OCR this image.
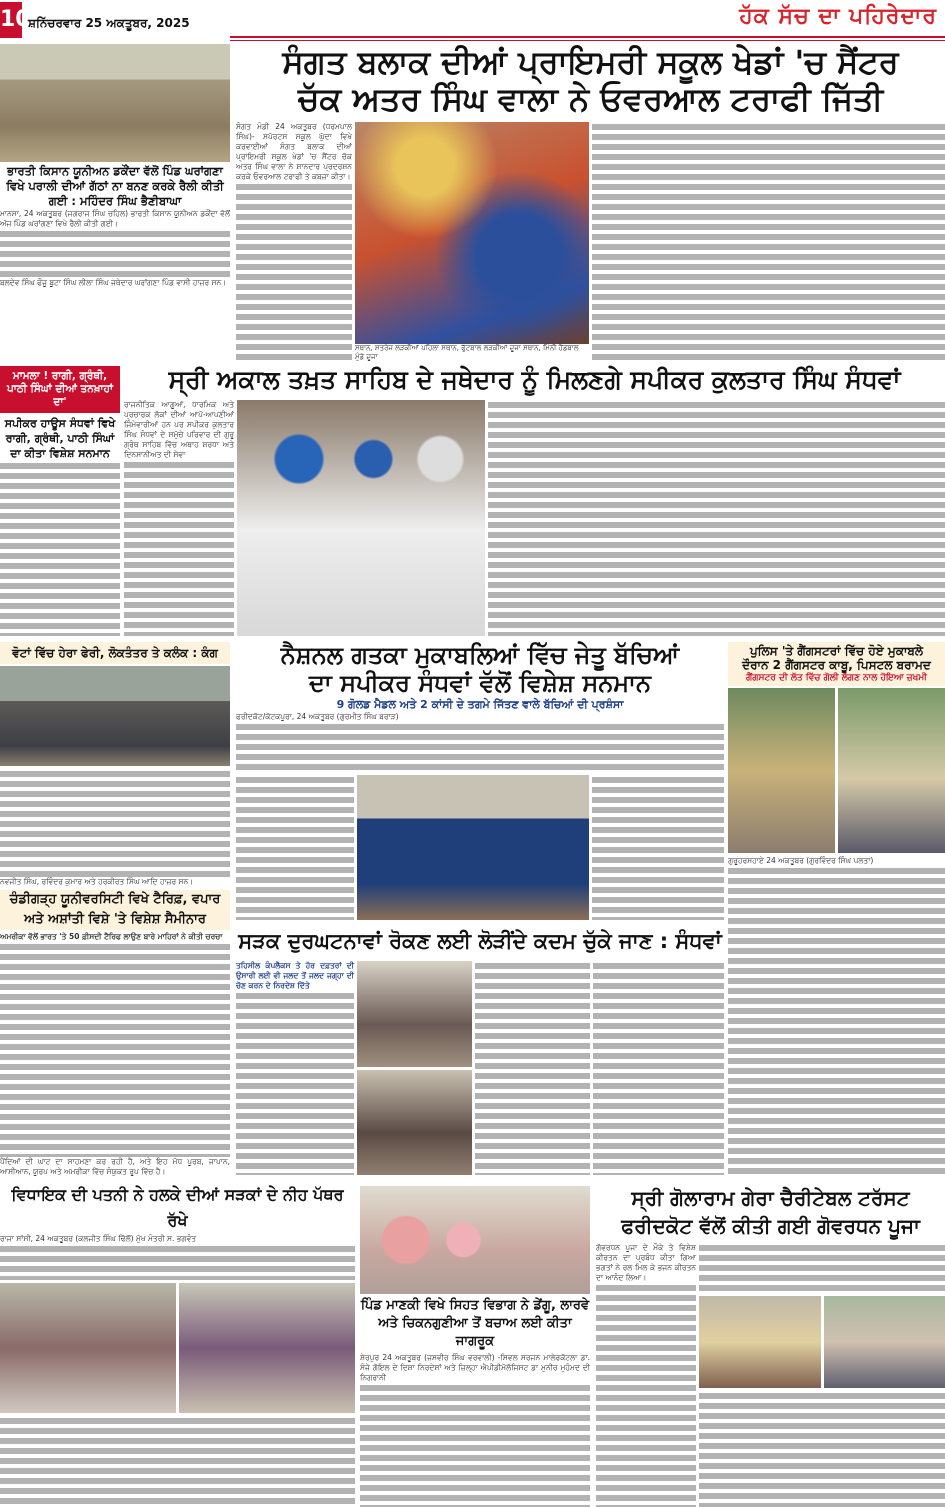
10
ਸ਼ਨਿੱਚਰਵਾਰ 25 ਅਕਤੂਬਰ, 2025	ਹੱਕ ਸੱਚ ਦਾ ਪਹਿਰੇਦਾਰ
ਸੰਗਤ ਬਲਾਕ ਦੀਆਂ ਪ੍ਰਾਇਮਰੀ ਸਕੂਲ ਖੇਡਾਂ 'ਚ ਸੈਂਟਰ
ਚੱਕ ਅਤਰ ਸਿੰਘ ਵਾਲਾ ਨੇ ਓਵਰਆਲ ਟਰਾਫੀ ਜਿੱਤੀ
ਸੰਗਤ ਮੰਡੀ 24 ਅਕਤੂਬਰ (ਧਰਮਪਾਲ ਸਿੰਘ)- ਸਪੋਰਟਸ ਸਕੂਲ ਘੁੱਦਾ ਵਿਖੇ ਕਰਵਾਈਆਂ ਸੰਗਤ ਬਲਾਕ ਦੀਆਂ ਪ੍ਰਾਇਮਰੀ ਸਕੂਲ ਖੇਡਾਂ 'ਚ ਸੈਂਟਰ ਚੱਕ ਅਤਰ ਸਿੰਘ ਵਾਲਾ ਨੇ ਸ਼ਾਨਦਾਰ ਪ੍ਰਦਰਸ਼ਨ ਕਰਕੇ ਓਵਰਆਲ ਟਰਾਫੀ ਤੇ ਕਬਜ਼ਾ ਕੀਤਾ।
ਸਥਾਨ, ਸ਼ਤਰੰਜ ਲੜਕੀਆਂ ਪਹਿਲਾ ਸਥਾਨ, ਫੁੱਟਬਾਲ ਲੜਕੀਆਂ ਦੂਜਾ ਸਥਾਨ, ਮਿੰਨੀ ਹੈਂਡਬਾਲ ਮੁੰਡੇ ਦੂਜਾ
ਭਾਰਤੀ ਕਿਸਾਨ ਯੂਨੀਅਨ ਡਕੌਂਦਾ ਵੱਲੋਂ ਪਿੰਡ ਘਰਾਂਗਣਾ ਵਿਖੇ ਪਰਾਲੀ ਦੀਆਂ ਗੱਠਾਂ ਨਾ ਬਨਣ ਕਰਕੇ ਰੈਲੀ ਕੀਤੀ ਗਈ : ਮਹਿੰਦਰ ਸਿੰਘ ਭੈਣੀਬਾਘਾ
ਮਾਨਸਾ, 24 ਅਕਤੂਬਰ (ਜਗਰਾਜ ਸਿੰਘ ਚਹਿਲ) ਭਾਰਤੀ ਕਿਸਾਨ ਯੂਨੀਅਨ ਡਕੌਂਦਾ ਵੱਲੋਂ ਅੱਜ ਪਿੰਡ ਘਰਾਂਗਣਾ ਵਿਖੇ ਰੈਲੀ ਕੀਤੀ ਗਈ।
ਬਲਦੇਵ ਸਿੰਘ ਫੌਜੂ ਬੂਟਾ ਸਿੰਘ ਲੀਲਾ ਸਿੰਘ ਜਥੇਦਾਰ ਘਰਾਂਗਣਾ ਪਿੰਡ ਵਾਸੀ ਹਾਜ਼ਰ ਸਨ।
ਮਾਮਲਾ ! ਰਾਗੀ, ਗ੍ਰੰਥੀ, ਪਾਠੀ ਸਿੰਘਾਂ ਦੀਆਂ ਤਨਖ਼ਾਹਾਂ ਦਾ'
ਸਪੀਕਰ ਹਾਊਸ ਸੰਧਵਾਂ ਵਿਖੇ ਰਾਗੀ, ਗ੍ਰੰਥੀ, ਪਾਠੀ ਸਿੰਘਾਂ ਦਾ ਕੀਤਾ ਵਿਸ਼ੇਸ਼ ਸਨਮਾਨ
ਸ੍ਰੀ ਅਕਾਲ ਤਖ਼ਤ ਸਾਹਿਬ ਦੇ ਜਥੇਦਾਰ ਨੂੰ ਮਿਲਣਗੇ ਸਪੀਕਰ ਕੁਲਤਾਰ ਸਿੰਘ ਸੰਧਵਾਂ
ਰਾਜਨੀਤਿਕ ਆਗੂਆਂ, ਧਾਰਮਿਕ ਅਤੇ ਪ੍ਰਚਾਰਕ ਲੋਕਾਂ ਦੀਆਂ ਆਪੋ-ਆਪਣੀਆਂ ਜਿੰਮੇਵਾਰੀਆਂ ਹਨ ਪਰ ਸਪੀਕਰ ਕੁਲਤਾਰ ਸਿੰਘ ਸੰਧਵਾਂ ਦੇ ਸਮੁੱਚੇ ਪਰਿਵਾਰ ਦੀ ਗੁਰੂ ਗ੍ਰੰਥ ਸਾਹਿਬ ਵਿੱਚ ਅਥਾਹ ਸ਼ਰਧਾ ਅਤੇ ਦਿਨਸਾਨੀਅਤ ਦੀ ਸੇਵਾ
ਵੋਟਾਂ ਵਿੱਚ ਹੇਰਾ ਫੇਰੀ, ਲੋਕਤੰਤਰ ਤੇ ਕਲੰਕ : ਕੰਗ
ਨਵਜੀਤ ਸਿੰਘ, ਰਵਿੰਦਰ ਕੁਮਾਰ ਅਤੇ ਹਰਕੀਰਤ ਸਿੰਘ ਆਦਿ ਹਾਜ਼ਰ ਸਨ।
ਚੰਡੀਗੜ੍ਹ ਯੂਨੀਵਰਸਿਟੀ ਵਿਖੇ ਟੈਰਿਫ਼, ਵਪਾਰ ਅਤੇ ਅਸ਼ਾਂਤੀ ਵਿਸ਼ੇ 'ਤੇ ਵਿਸ਼ੇਸ਼ ਸੈਮੀਨਾਰ
ਅਮਰੀਕਾ ਵੱਲੋਂ ਭਾਰਤ 'ਤੇ 50 ਫ਼ੀਸਦੀ ਟੈਰਿਫ ਲਾਉਣ ਬਾਰੇ ਮਾਹਿਰਾਂ ਨੇ ਕੀਤੀ ਚਰਚਾ
ਪੈਂਦਿਆਂ ਦੀ ਘਾਟ ਦਾ ਸਾਹਮਣਾ ਕਰ ਰਹੀ ਹੈ, ਅਤੇ ਇਹ ਮੱਧ ਪੂਰਬ, ਜਾਪਾਨ, ਆਸੀਆਨ, ਯੂਰਪ ਅਤੇ ਅਮਰੀਕਾ ਵਿੱਚ ਸੰਯੁਕਤ ਰੂਪ ਵਿੱਚ ਹੈ।
ਨੈਸ਼ਨਲ ਗਤਕਾ ਮੁਕਾਬਲਿਆਂ ਵਿੱਚ ਜੇਤੂ ਬੱਚਿਆਂ
ਦਾ ਸਪੀਕਰ ਸੰਧਵਾਂ ਵੱਲੋਂ ਵਿਸ਼ੇਸ਼ ਸਨਮਾਨ
9 ਗੋਲਡ ਮੈਡਲ ਅਤੇ 2 ਕਾਂਸੀ ਦੇ ਤਗਮੇ ਜਿੱਤਣ ਵਾਲੇ ਬੱਚਿਆਂ ਦੀ ਪ੍ਰਸ਼ੰਸਾ
ਫਰੀਦਕੋਟ/ਕੋਟਕਪੂਰਾ, 24 ਅਕਤੂਬਰ (ਗੁਰਮੀਤ ਸਿੰਘ ਬਰਾੜ)
ਪੁਲਿਸ 'ਤੇ ਗੈਂਗਸਟਰਾਂ ਵਿੱਚ ਹੋਏ ਮੁਕਾਬਲੇ
ਦੌਰਾਨ 2 ਗੈਂਗਸਟਰ ਕਾਬੂ, ਪਿਸਟਲ ਬਰਾਮਦ
ਗੈਂਗਸਟਰ ਦੀ ਲੱਤ ਵਿੱਚ ਗੋਲੀ ਲੱਗਣ ਨਾਲ ਹੋਇਆ ਜ਼ਖਮੀ
ਗੁਰੂਹਰਸਹਾਏ 24 ਅਕਤੂਬਰ (ਗੁਰਵਿੰਦਰ ਸਿੰਘ ਪਲਤਾ)
ਸੜਕ ਦੁਰਘਟਨਾਵਾਂ ਰੋਕਣ ਲਈ ਲੋੜੀਂਦੇ ਕਦਮ ਚੁੱਕੇ ਜਾਣ : ਸੰਧਵਾਂ
ਤਹਿਸੀਲ ਕੰਪਲੈਕਸ ਤੇ ਹੋਰ ਦਫ਼ਤਰਾਂ ਦੀ ਉਸਾਰੀ ਲਈ ਵੀ ਜਲਦ ਤੋਂ ਜਲਦ ਜਗ੍ਹਾ ਦੀ ਚੋਣ ਕਰਨ ਦੇ ਨਿਰਦੇਸ਼ ਦਿੱਤੇ
ਵਿਧਾਇਕ ਦੀ ਪਤਨੀ ਨੇ ਹਲਕੇ ਦੀਆਂ ਸੜਕਾਂ ਦੇ ਨੀਹ ਪੱਥਰ ਰੱਖੇ
ਰਾਜਾ ਸਾਂਸੀ, 24 ਅਕਤੂਬਰ (ਕਲਜੀਤ ਸਿੰਘ ਢਿੱਲੋਂ) ਮੁੱਖ ਮੰਤਰੀ ਸ. ਭਗਵੰਤ
ਪਿੰਡ ਮਾਣਕੀ ਵਿਖੇ ਸਿਹਤ ਵਿਭਾਗ ਨੇ ਡੇਂਗੂ, ਲਾਰਵੇ
ਅਤੇ ਚਿਕਨਗੁਣੀਆ ਤੋਂ ਬਚਾਅ ਲਈ ਕੀਤਾ ਜਾਗਰੂਕ
ਸ਼ੇਰਪੁਰ 24 ਅਕਤੂਬਰ (ਜਸਵੀਰ ਸਿੰਘ ਵਰਵਾਲੀ) -ਸਿਵਲ ਸਰਜਨ ਮਾਲੇਰਕੋਟਲਾ ਡਾ. ਸੰਜੇ ਗੋਇਲ ਦੇ ਦਿਸ਼ਾ ਨਿਰਦੇਸ਼ਾਂ ਅਤੇ ਜ਼ਿਲ੍ਹਾ ਐਪੀਡੀਮੋਲੋਜਿਸਟ ਡਾ ਮੁਨੀਰ ਮੁਹੰਮਦ ਦੀ ਨਿਗਰਾਨੀ
ਸ੍ਰੀ ਗੋਲਾਰਾਮ ਗੇਰਾ ਚੈਰੀਟੇਬਲ ਟਰੱਸਟ
ਫਰੀਦਕੋਟ ਵੱਲੋਂ ਕੀਤੀ ਗਈ ਗੋਵਰਧਨ ਪੂਜਾ
ਗੋਵਰਧਨ ਪੂਜਾ ਦੇ ਮੌਕੇ ਤੇ ਵਿਸ਼ੇਸ਼ ਕੀਰਤਨ ਦਾ ਪ੍ਰਬੰਧ ਕੀਤਾ ਗਿਆ ਭਗਤਾਂ ਨੇ ਰਲ ਮਿਲ ਕੇ ਭਜਨ ਕੀਰਤਨ ਦਾ ਆਨੰਦ ਲਿਆ।
